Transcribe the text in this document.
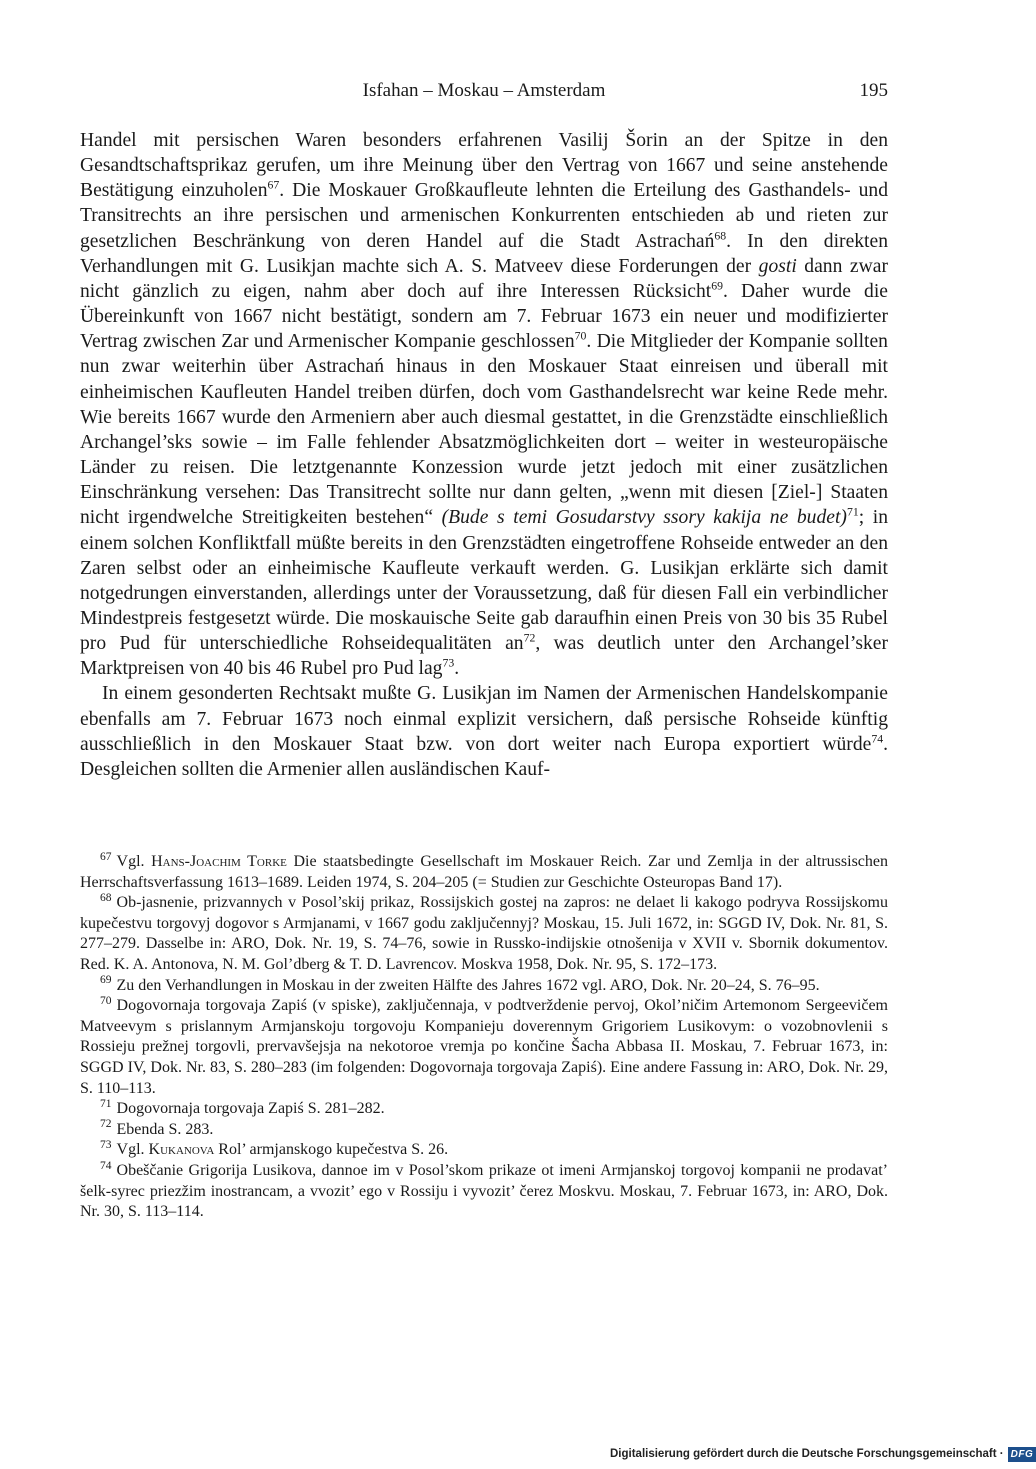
Isfahan – Moskau – Amsterdam	195

Handel mit persischen Waren besonders erfahrenen Vasilij Šorin an der Spitze in den Gesandtschaftsprikaz gerufen, um ihre Meinung über den Vertrag von 1667 und seine anstehende Bestätigung einzuholen$^{67}$. Die Moskauer Großkaufleute lehnten die Erteilung des Gasthandels- und Transitrechts an ihre persischen und armenischen Konkurrenten entschieden ab und rieten zur gesetzlichen Beschränkung von deren Handel auf die Stadt Astrachań$^{68}$. In den direkten Verhandlungen mit G. Lusikjan machte sich A. S. Matveev diese Forderungen der gosti dann zwar nicht gänzlich zu eigen, nahm aber doch auf ihre Interessen Rücksicht$^{69}$. Daher wurde die Übereinkunft von 1667 nicht bestätigt, sondern am 7. Februar 1673 ein neuer und modifizierter Vertrag zwischen Zar und Armenischer Kompanie geschlossen$^{70}$. Die Mitglieder der Kompanie sollten nun zwar weiterhin über Astrachań hinaus in den Moskauer Staat einreisen und überall mit einheimischen Kaufleuten Handel treiben dürfen, doch vom Gasthandelsrecht war keine Rede mehr. Wie bereits 1667 wurde den Armeniern aber auch diesmal gestattet, in die Grenzstädte einschließlich Archangel’sks sowie – im Falle fehlender Absatzmöglichkeiten dort – weiter in westeuropäische Länder zu reisen. Die letztgenannte Konzession wurde jetzt jedoch mit einer zusätzlichen Einschränkung versehen: Das Transitrecht sollte nur dann gelten, „wenn mit diesen [Ziel-] Staaten nicht irgendwelche Streitigkeiten bestehen“ (Bude s temi Gosudarstvy ssory kakija ne budet)$^{71}$; in einem solchen Konfliktfall müßte bereits in den Grenzstädten eingetroffene Rohseide entweder an den Zaren selbst oder an einheimische Kaufleute verkauft werden. G. Lusikjan erklärte sich damit notgedrungen einverstanden, allerdings unter der Voraussetzung, daß für diesen Fall ein verbindlicher Mindestpreis festgesetzt würde. Die moskauische Seite gab daraufhin einen Preis von 30 bis 35 Rubel pro Pud für unterschiedliche Rohseidequalitäten $an^{72}$, was deutlich unter den Archangel’sker Marktpreisen von 40 bis 46 Rubel pro Pud lag$^{73}$.

In einem gesonderten Rechtsakt mußte G. Lusikjan im Namen der Armenischen Handelskompanie ebenfalls am 7. Februar 1673 noch einmal explizit versichern, daß persische Rohseide künftig ausschließlich in den Moskauer Staat bzw. von dort weiter nach Europa exportiert würde$^{74}$. Desgleichen sollten die Armenier allen ausländischen Kauf-

$^{67}$ Vgl. Hans-Joachim Torke Die staatsbedingte Gesellschaft im Moskauer Reich. Zar und Zemlja in der altrussischen Herrschaftsverfassung 1613–1689. Leiden 1974, S. 204–205 (= Studien zur Geschichte Osteuropas Band 17).

$^{68}$ Ob-jasnenie, prizvannych v Posol’skij prikaz, Rossijskich gostej na zapros: ne delaet li kakogo podryva Rossijskomu kupečestvu torgovyj dogovor s Armjanami, v 1667 godu zaključennyj? Moskau, 15. Juli 1672, in: SGGD IV, Dok. Nr. 81, S. 277–279. Dasselbe in: ARO, Dok. Nr. 19, S. 74–76, sowie in Russko-indijskie otnošenija v XVII v. Sbornik dokumentov. Red. K. A. Antonova, N. M. Gol’dberg & T. D. Lavrencov. Moskva 1958, Dok. Nr. 95, S. 172–173.

$^{69}$ Zu den Verhandlungen in Moskau in der zweiten Hälfte des Jahres 1672 vgl. ARO, Dok. Nr. 20–24, S. 76–95.

$^{70}$ Dogovornaja torgovaja Zapiś (v spiske), zaključennaja, v podtverždenie pervoj, Okol’ničim Artemonom Sergeevičem Matveevym s prislannym Armjanskoju torgovoju Kompanieju doverennym Grigoriem Lusikovym: o vozobnovlenii s Rossieju prežnej torgovli, prervavšejsja na nekotoroe vremja po končine Šacha Abbasa II. Moskau, 7. Februar 1673, in: SGGD IV, Dok. Nr. 83, S. 280–283 (im folgenden: Dogovornaja torgovaja Zapiś). Eine andere Fassung in: ARO, Dok. Nr. 29, S. 110–113.

$^{71}$ Dogovornaja torgovaja Zapiś S. 281–282.

$^{72}$ Ebenda S. 283.

$^{73}$ Vgl. Kukanova Rol’ armjanskogo kupečestva S. 26.

$^{74}$ Obeščanie Grigorija Lusikova, dannoe im v Posol’skom prikaze ot imeni Armjanskoj torgovoj kompanii ne prodavat’ šelk-syrec priezžim inostrancam, a vvozit’ ego v Rossiju i vyvozit’ čerez Moskvu. Moskau, 7. Februar 1673, in: ARO, Dok. Nr. 30, S. 113–114.

Digitalisierung gefördert durch die Deutsche Forschungsgemeinschaft · DFG
